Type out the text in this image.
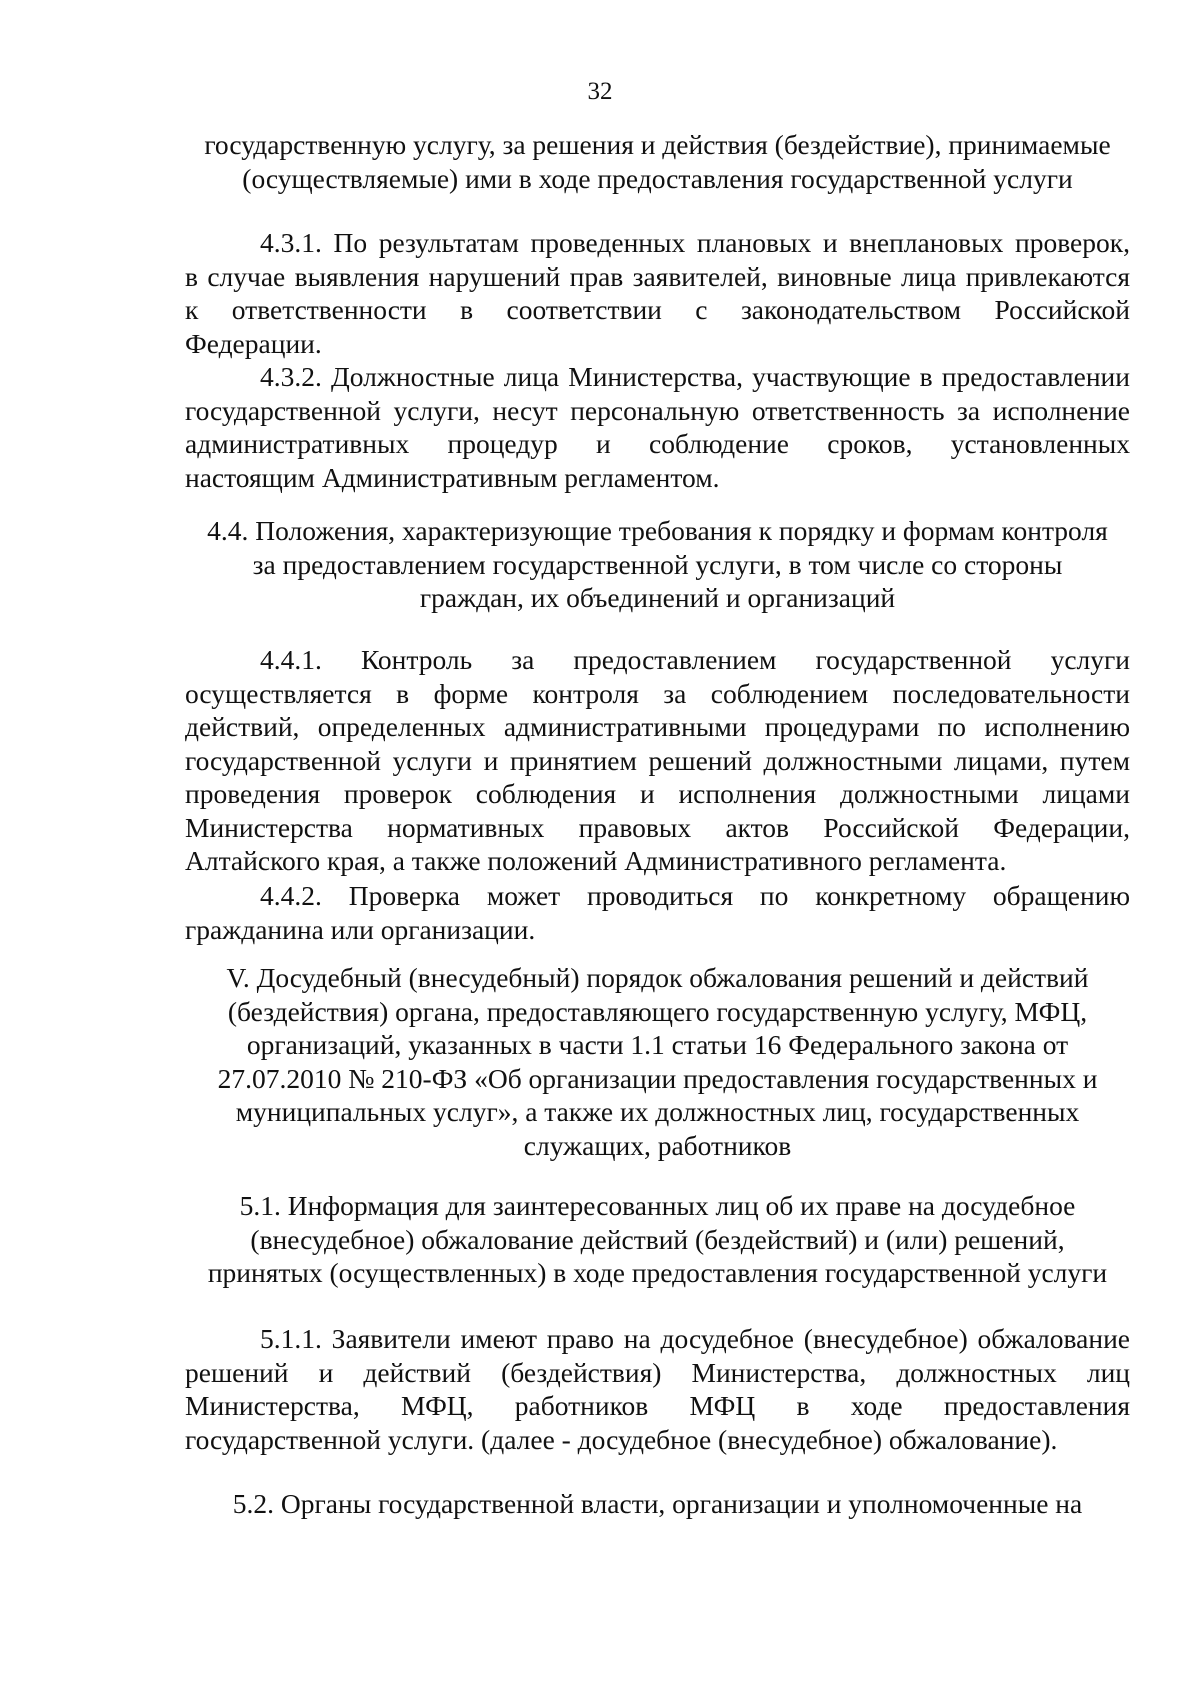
32
государственную услугу, за решения и действия (бездействие), принимаемые
(осуществляемые) ими в ходе предоставления государственной услуги
4.3.1. По результатам проведенных плановых и внеплановых проверок,
в случае выявления нарушений прав заявителей, виновные лица привлекаются
к ответственности в соответствии с законодательством Российской
Федерации.
4.3.2. Должностные лица Министерства, участвующие в предоставлении
государственной услуги, несут персональную ответственность за исполнение
административных процедур и соблюдение сроков, установленных
настоящим Административным регламентом.
4.4. Положения, характеризующие требования к порядку и формам контроля
за предоставлением государственной услуги, в том числе со стороны
граждан, их объединений и организаций
4.4.1. Контроль за предоставлением государственной услуги
осуществляется в форме контроля за соблюдением последовательности
действий, определенных административными процедурами по исполнению
государственной услуги и принятием решений должностными лицами, путем
проведения проверок соблюдения и исполнения должностными лицами
Министерства нормативных правовых актов Российской Федерации,
Алтайского края, а также положений Административного регламента.
4.4.2. Проверка может проводиться по конкретному обращению
гражданина или организации.
V. Досудебный (внесудебный) порядок обжалования решений и действий
(бездействия) органа, предоставляющего государственную услугу, МФЦ,
организаций, указанных в части 1.1 статьи 16 Федерального закона от
27.07.2010 № 210-ФЗ «Об организации предоставления государственных и
муниципальных услуг», а также их должностных лиц, государственных
служащих, работников
5.1. Информация для заинтересованных лиц об их праве на досудебное
(внесудебное) обжалование действий (бездействий) и (или) решений,
принятых (осуществленных) в ходе предоставления государственной услуги
5.1.1. Заявители имеют право на досудебное (внесудебное) обжалование
решений и действий (бездействия) Министерства, должностных лиц
Министерства, МФЦ, работников МФЦ в ходе предоставления
государственной услуги. (далее - досудебное (внесудебное) обжалование).
5.2. Органы государственной власти, организации и уполномоченные на
